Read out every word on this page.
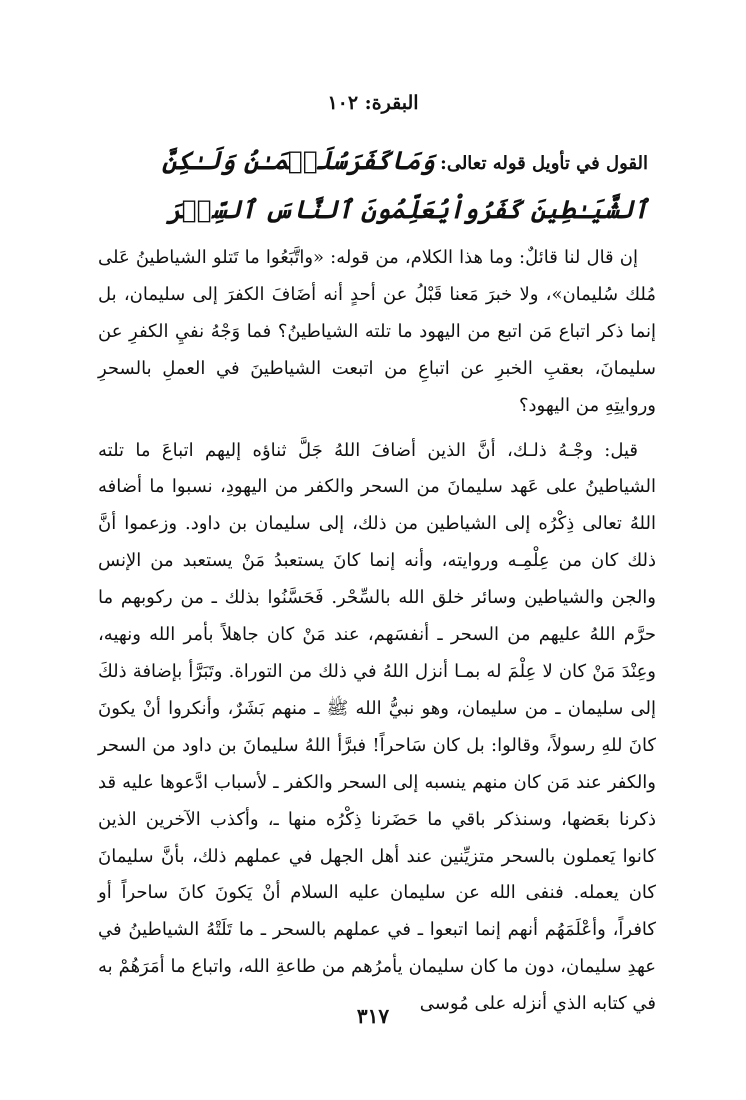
البقرة: ١٠٢
القول في تأويل قوله تعالى: وَمَاكَفَرَسُلَيۡمَـٰنُ وَلَـٰكِنَّ ٱلشَّيَـٰطِينَ كَفَرُواْيُعَلِّمُونَ ٱلنَّاسَ ٱلسِّحۡرَ

إن قال لنا قائلٌ: وما هذا الكلام، من قوله: «واتَّبَعُوا ما تَتلو الشياطينُ عَلى مُلك سُليمان»، ولا خبرَ مَعنا قَبْلُ عن أحدٍ أنه أضَافَ الكفرَ إلى سليمان، بل إنما ذكر اتباع مَن اتبع من اليهود ما تلته الشياطينُ؟ فما وَجْهُ نفيِ الكفرِ عن سليمانَ، بعقبِ الخبرِ عن اتباعِ من اتبعت الشياطينَ في العملِ بالسحرِ وروايتِهِ من اليهود؟

قيل: وجْـهُ ذلـك، أنَّ الذين أضافَ اللهُ جَلَّ ثناؤه إليهم اتباعَ ما تلته الشياطينُ على عَهد سليمانَ من السحر والكفر من اليهودِ، نسبوا ما أضافه اللهُ تعالى ذِكْرُه إلى الشياطين من ذلك، إلى سليمان بن داود. وزعموا أنَّ ذلك كان من عِلْمِـه وروايته، وأنه إنما كانَ يستعبدُ مَنْ يستعبد من الإنس والجن والشياطين وسائر خلق الله بالسِّحْر. فَحَسَّنُوا بذلك ـ من ركوبهم ما حرَّم اللهُ عليهم من السحر ـ أنفسَهم، عند مَنْ كان جاهلاً بأمر الله ونهيه، وعِنْدَ مَنْ كان لا عِلْمَ له بمـا أنزل اللهُ في ذلك من التوراة. وتَبَرَّأ بإضافة ذلكَ إلى سليمان ـ من سليمان، وهو نبيُّ الله ﷺ ـ منهم بَشَرٌ، وأنكروا أنْ يكونَ كانَ للهِ رسولاً، وقالوا: بل كان سَاحراً! فبرَّأ اللهُ سليمانَ بن داود من السحر والكفر عند مَن كان منهم ينسبه إلى السحر والكفر ـ لأسباب ادَّعوها عليه قد ذكرنا بعَضها، وسنذكر باقي ما حَضَرنا ذِكْرُه منها ـ، وأكذب الآخرين الذين كانوا يَعملون بالسحر متزيِّنين عند أهل الجهل في عملهم ذلك، بأنَّ سليمانَ كان يعمله. فنفى الله عن سليمان عليه السلام أنْ يَكونَ كانَ ساحراً أو كافراً، وأعْلَمَهُم أنهم إنما اتبعوا ـ في عملهم بالسحر ـ ما تَلَتْهُ الشياطينُ في عهدِ سليمان، دون ما كان سليمان يأمرُهم من طاعةِ الله، واتباع ما أمَرَهُمْ به في كتابه الذي أنزله على مُوسى

٣١٧
